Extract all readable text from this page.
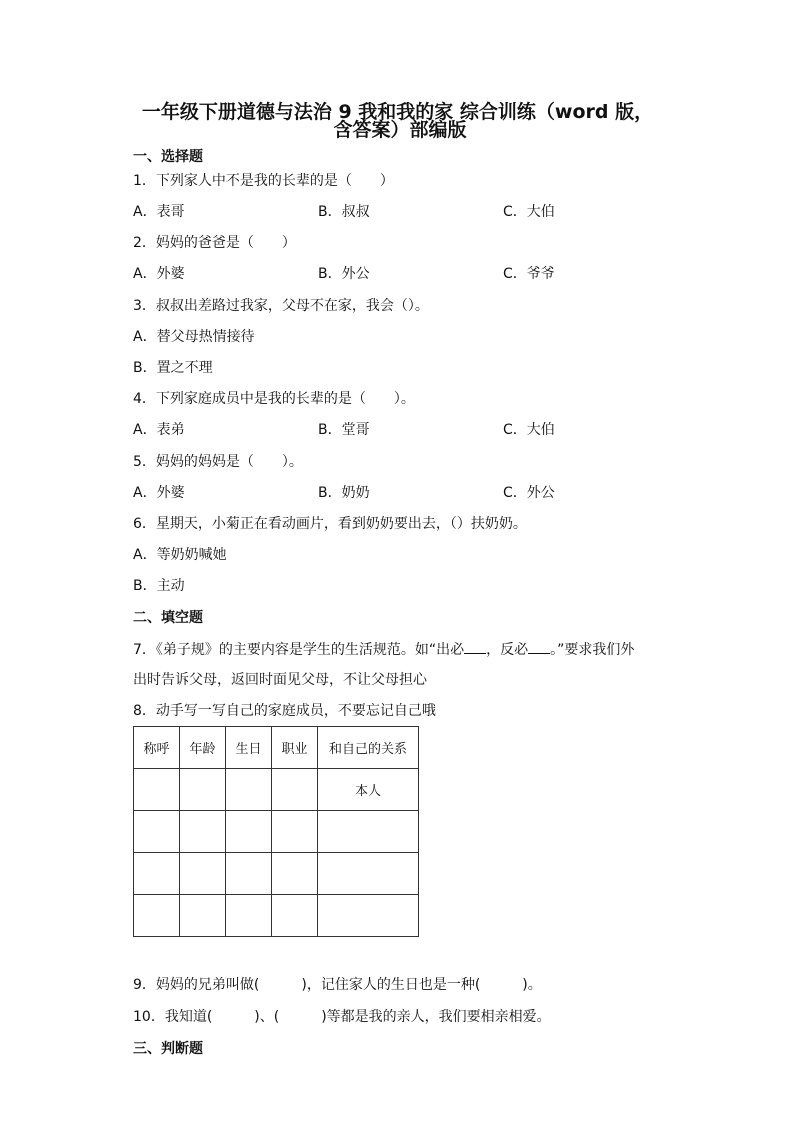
一年级下册道德与法治 9 我和我的家 综合训练（word 版，
含答案）部编版
一、选择题
1．下列家人中不是我的长辈的是（　　）
A．表哥	B．叔叔	C．大伯
2．妈妈的爸爸是（　　）
A．外婆	B．外公	C．爷爷
3．叔叔出差路过我家，父母不在家，我会（）。
A．替父母热情接待
B．置之不理
4．下列家庭成员中是我的长辈的是（　　）。
A．表弟	B．堂哥	C．大伯
5．妈妈的妈妈是（　　）。
A．外婆	B．奶奶	C．外公
6．星期天，小菊正在看动画片，看到奶奶要出去，（）扶奶奶。
A．等奶奶喊她
B．主动
二、填空题
7．《弟子规》的主要内容是学生的生活规范。如“出必 ，反必 。”要求我们外
出时告诉父母，返回时面见父母，不让父母担心
8．动手写一写自己的家庭成员，不要忘记自己哦
称呼	年龄	生日	职业	和自己的关系
				本人

9．妈妈的兄弟叫做(　　　)，记住家人的生日也是一种(　　　)。
10．我知道(　　　)、(　　　)等都是我的亲人，我们要相亲相爱。
三、判断题
